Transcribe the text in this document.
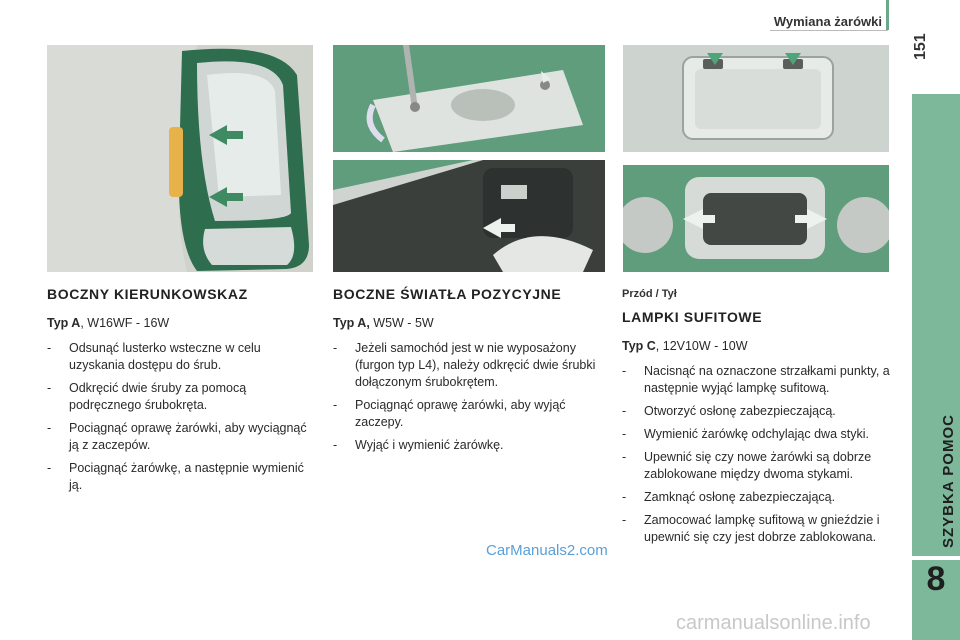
Wymiana żarówki
151
SZYBKA POMOC
8
BOCZNY KIERUNKOWSKAZ
Typ A, W16WF - 16W
- Odsunąć lusterko wsteczne w celu uzyskania dostępu do śrub.
- Odkręcić dwie śruby za pomocą podręcznego śrubokręta.
- Pociągnąć oprawę żarówki, aby wyciągnąć ją z zaczepów.
- Pociągnąć żarówkę, a następnie wymienić ją.
BOCZNE ŚWIATŁA POZYCYJNE
Typ A, W5W - 5W
- Jeżeli samochód jest w nie wyposażony (furgon typ L4), należy odkręcić dwie śrubki dołączonym śrubokrętem.
- Pociągnąć oprawę żarówki, aby wyjąć zaczepy.
- Wyjąć i wymienić żarówkę.
Przód / Tył
LAMPKI SUFITOWE
Typ C, 12V10W - 10W
- Nacisnąć na oznaczone strzałkami punkty, a następnie wyjąć lampkę sufitową.
- Otworzyć osłonę zabezpieczającą.
- Wymienić żarówkę odchylając dwa styki.
- Upewnić się czy nowe żarówki są dobrze zablokowane między dwoma stykami.
- Zamknąć osłonę zabezpieczającą.
- Zamocować lampkę sufitową w gnieździe i upewnić się czy jest dobrze zablokowana.
CarManuals2.com
carmanualsonline.info
